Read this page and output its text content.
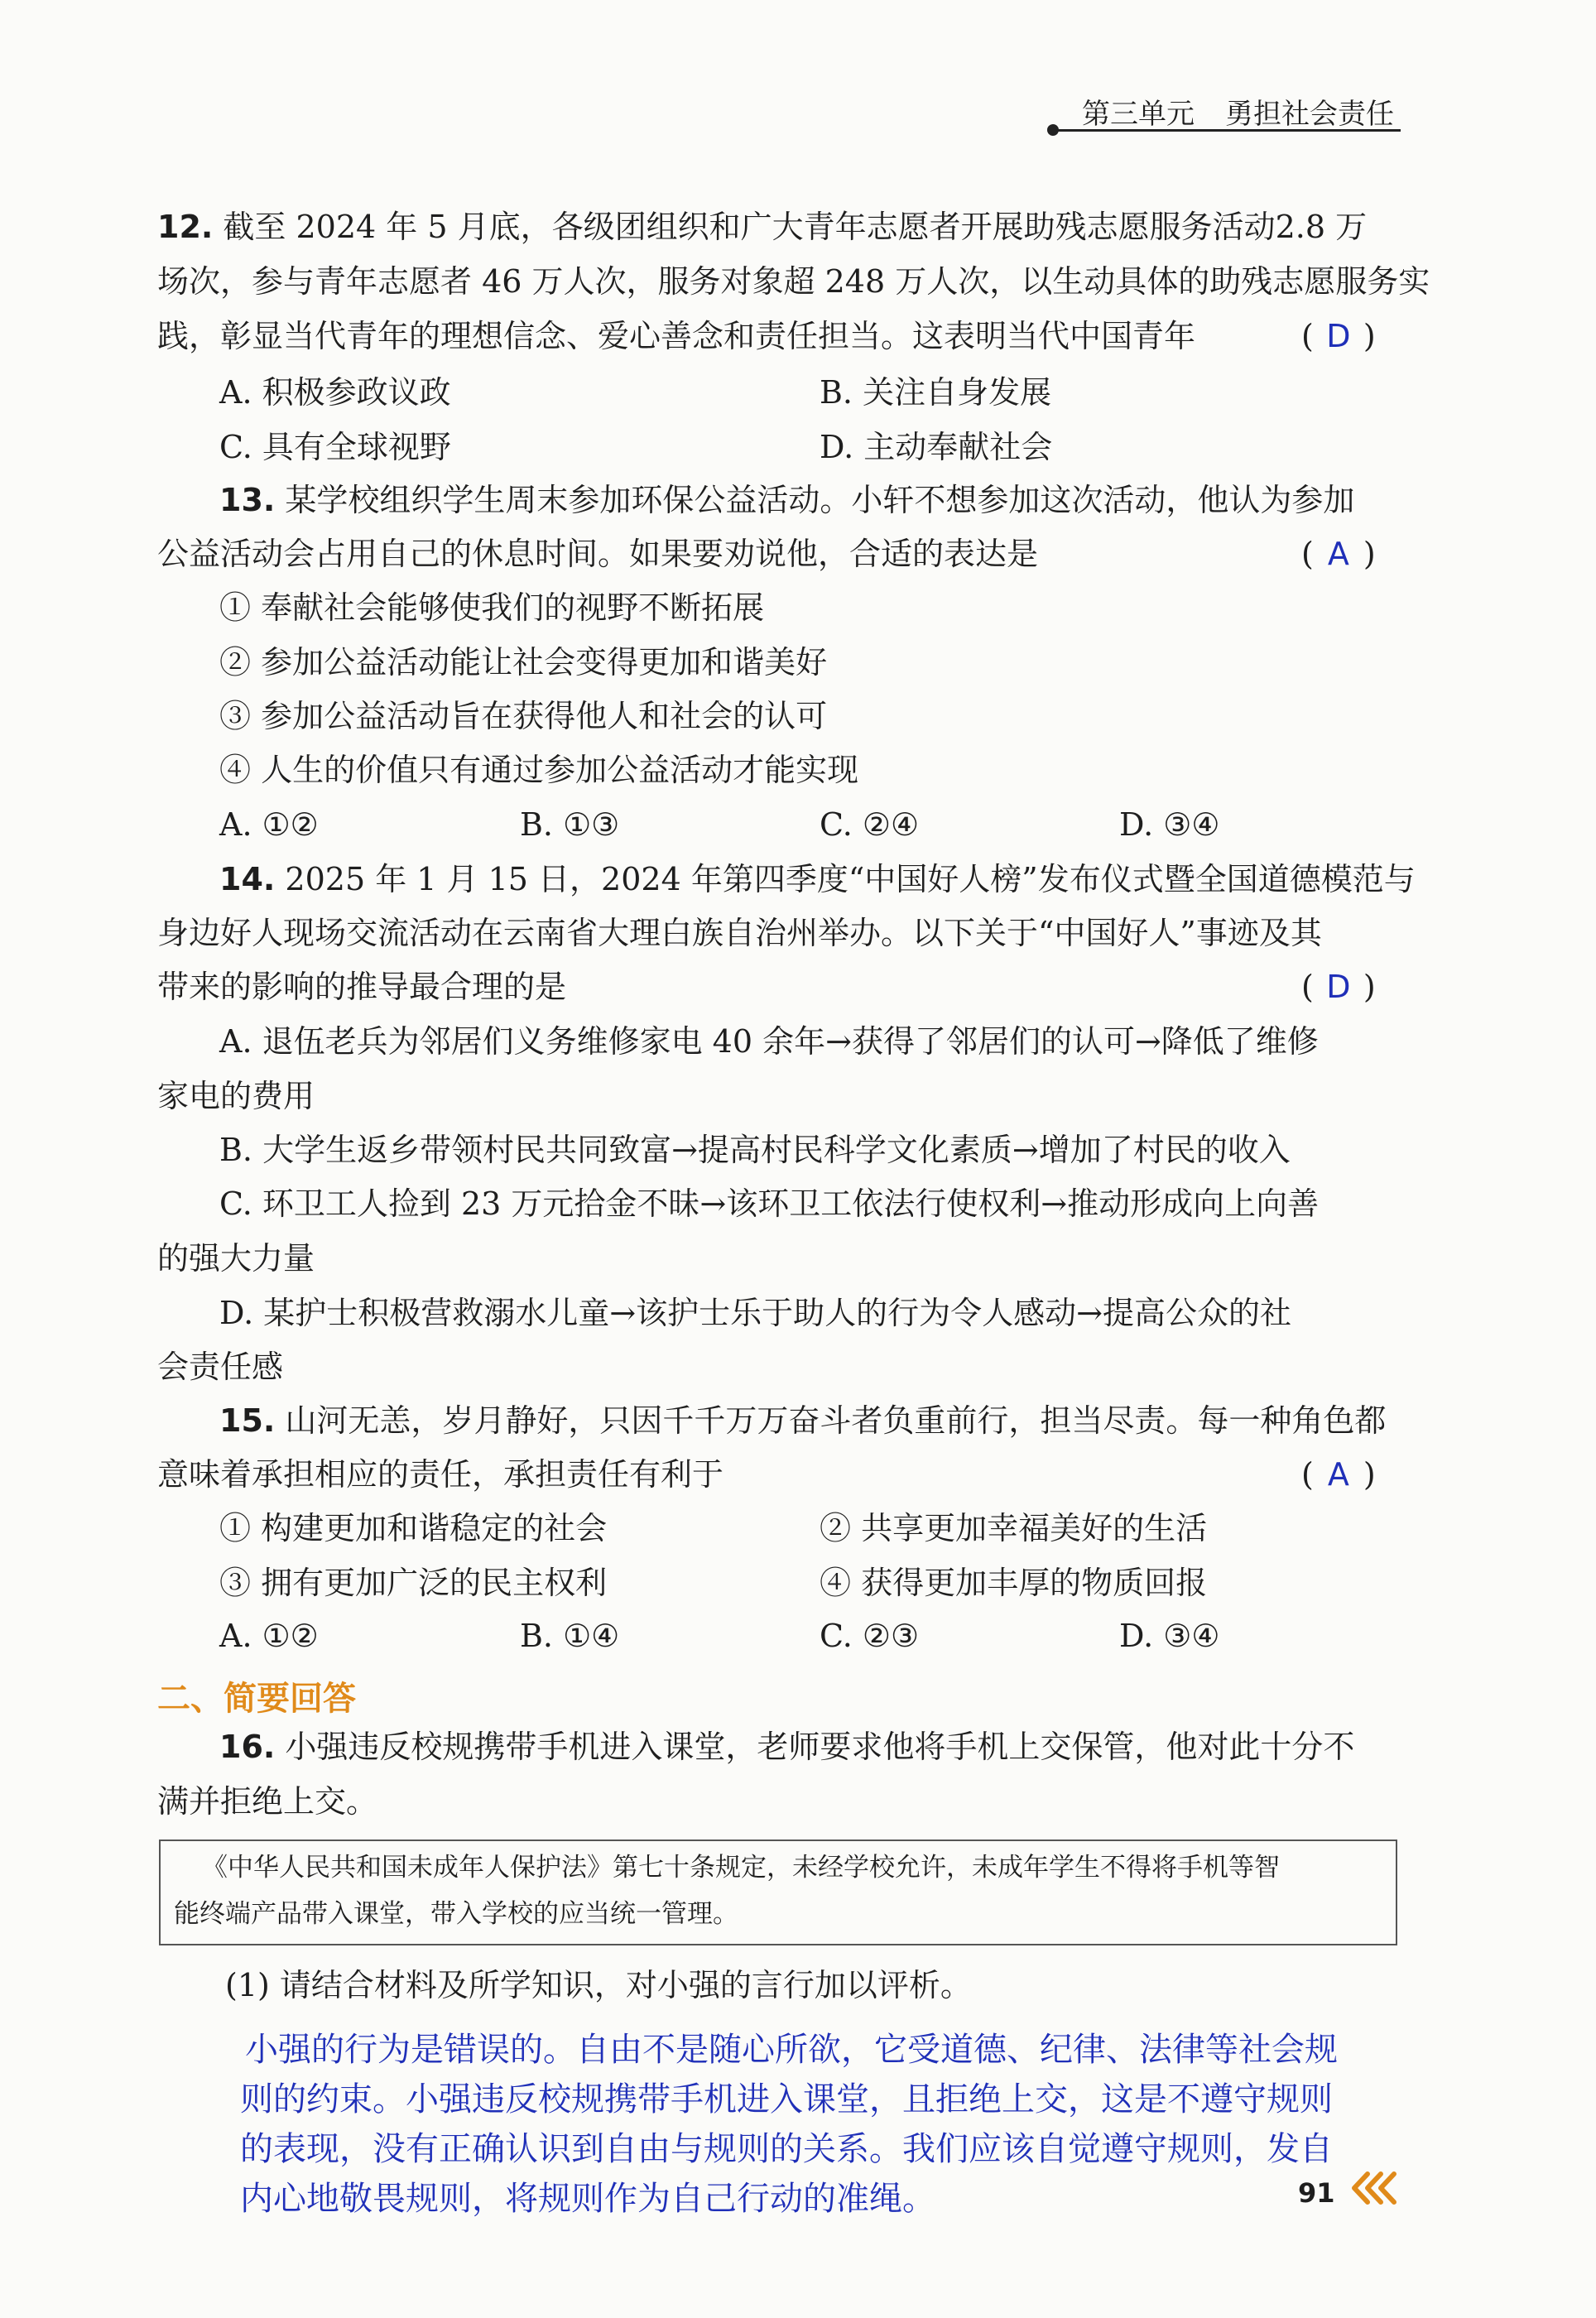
第三单元 勇担社会责任
12. 截至 2024 年 5 月底，各级团组织和广大青年志愿者开展助残志愿服务活动2.8 万
场次，参与青年志愿者 46 万人次，服务对象超 248 万人次，以生动具体的助残志愿服务实
践，彰显当代青年的理想信念、爱心善念和责任担当。这表明当代中国青年	( D )
A. 积极参政议政	B. 关注自身发展
C. 具有全球视野	D. 主动奉献社会
13. 某学校组织学生周末参加环保公益活动。小轩不想参加这次活动，他认为参加
公益活动会占用自己的休息时间。如果要劝说他，合适的表达是	( A )
① 奉献社会能够使我们的视野不断拓展
② 参加公益活动能让社会变得更加和谐美好
③ 参加公益活动旨在获得他人和社会的认可
④ 人生的价值只有通过参加公益活动才能实现
A. ①②	B. ①③	C. ②④	D. ③④
14. 2025 年 1 月 15 日，2024 年第四季度“中国好人榜”发布仪式暨全国道德模范与
身边好人现场交流活动在云南省大理白族自治州举办。以下关于“中国好人”事迹及其
带来的影响的推导最合理的是	( D )
A. 退伍老兵为邻居们义务维修家电 40 余年→获得了邻居们的认可→降低了维修
家电的费用
B. 大学生返乡带领村民共同致富→提高村民科学文化素质→增加了村民的收入
C. 环卫工人捡到 23 万元拾金不昧→该环卫工依法行使权利→推动形成向上向善
的强大力量
D. 某护士积极营救溺水儿童→该护士乐于助人的行为令人感动→提高公众的社
会责任感
15. 山河无恙，岁月静好，只因千千万万奋斗者负重前行，担当尽责。每一种角色都
意味着承担相应的责任，承担责任有利于	( A )
① 构建更加和谐稳定的社会	② 共享更加幸福美好的生活
③ 拥有更加广泛的民主权利	④ 获得更加丰厚的物质回报
A. ①②	B. ①④	C. ②③	D. ③④
二、简要回答
16. 小强违反校规携带手机进入课堂，老师要求他将手机上交保管，他对此十分不
满并拒绝上交。
《中华人民共和国未成年人保护法》第七十条规定，未经学校允许，未成年学生不得将手机等智
能终端产品带入课堂，带入学校的应当统一管理。
(1) 请结合材料及所学知识，对小强的言行加以评析。
小强的行为是错误的。自由不是随心所欲，它受道德、纪律、法律等社会规
则的约束。小强违反校规携带手机进入课堂，且拒绝上交，这是不遵守规则
的表现，没有正确认识到自由与规则的关系。我们应该自觉遵守规则，发自
内心地敬畏规则，将规则作为自己行动的准绳。	91
